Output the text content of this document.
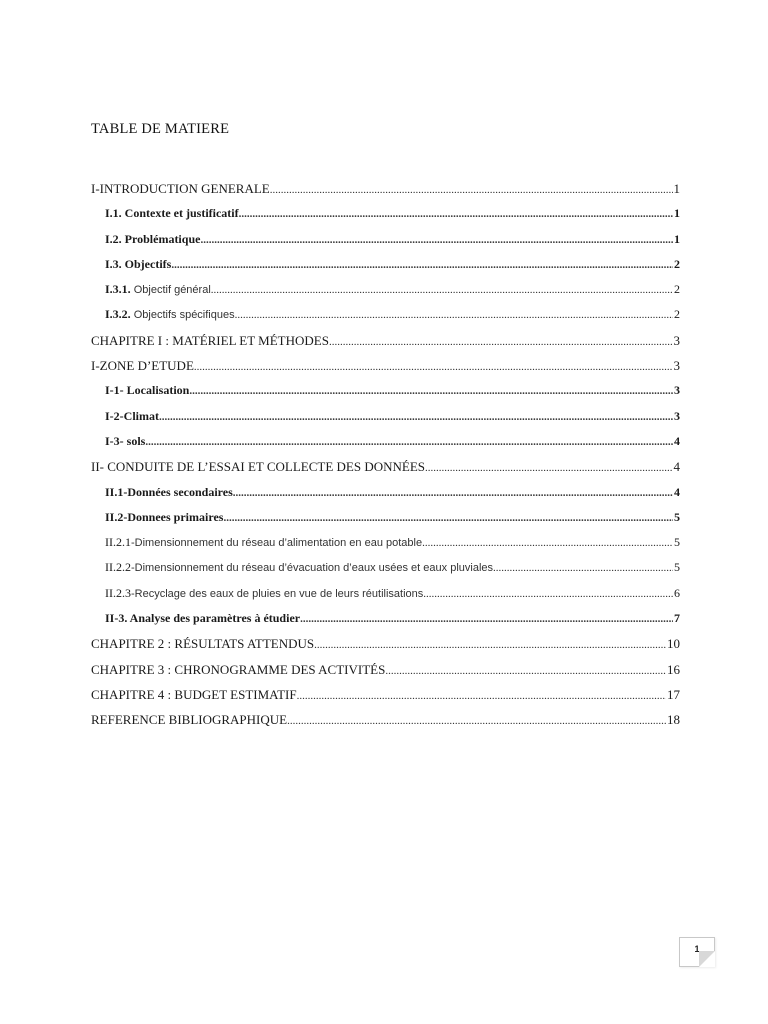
TABLE DE MATIERE
I-INTRODUCTION GENERALE .....	1
I.1. Contexte et justificatif .....	1
I.2. Problématique .....	1
I.3. Objectifs .....	2
I.3.1. Objectif général .....	2
I.3.2. Objectifs spécifiques .....	2
CHAPITRE I : MATÉRIEL ET MÉTHODES .....	3
I-ZONE D’ETUDE .....	3
I-1- Localisation .....	3
I-2-Climat .....	3
I-3- sols .....	4
II- CONDUITE DE L’ESSAI ET COLLECTE DES DONNÉES .....	4
II.1-Données secondaires .....	4
II.2-Donnees primaires .....	5
II.2.1-Dimensionnement du réseau d’alimentation en eau potable .....	5
II.2.2-Dimensionnement du réseau d’évacuation d’eaux usées et eaux pluviales .....	5
II.2.3-Recyclage des eaux de pluies en vue de leurs réutilisations .....	6
II-3. Analyse des paramètres à étudier .....	7
CHAPITRE 2 : RÉSULTATS ATTENDUS .....	10
CHAPITRE 3 : CHRONOGRAMME DES ACTIVITÉS .....	16
CHAPITRE 4 : BUDGET ESTIMATIF .....	17
REFERENCE BIBLIOGRAPHIQUE .....	18
1
